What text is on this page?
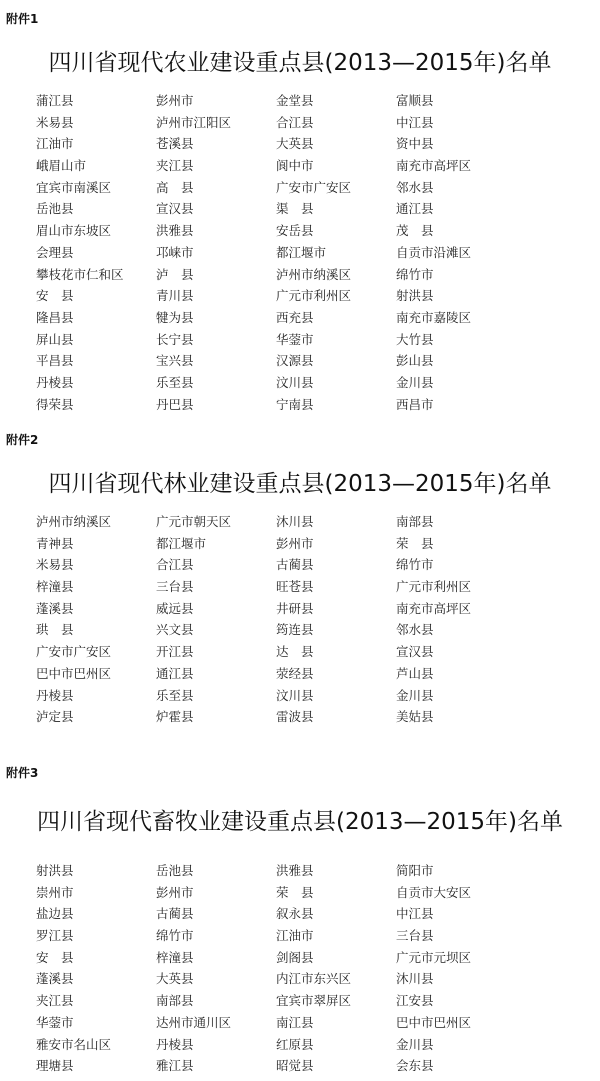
附件1
四川省现代农业建设重点县(2013—2015年)名单
蒲江县	彭州市	金堂县	富顺县
米易县	泸州市江阳区	合江县	中江县
江油市	苍溪县	大英县	资中县
峨眉山市	夹江县	阆中市	南充市高坪区
宜宾市南溪区	高　县	广安市广安区	邻水县
岳池县	宣汉县	渠　县	通江县
眉山市东坡区	洪雅县	安岳县	茂　县
会理县	邛崃市	都江堰市	自贡市沿滩区
攀枝花市仁和区	泸　县	泸州市纳溪区	绵竹市
安　县	青川县	广元市利州区	射洪县
隆昌县	犍为县	西充县	南充市嘉陵区
屏山县	长宁县	华蓥市	大竹县
平昌县	宝兴县	汉源县	彭山县
丹棱县	乐至县	汶川县	金川县
得荣县	丹巴县	宁南县	西昌市
附件2
四川省现代林业建设重点县(2013—2015年)名单
泸州市纳溪区	广元市朝天区	沐川县	南部县
青神县	都江堰市	彭州市	荣　县
米易县	合江县	古蔺县	绵竹市
梓潼县	三台县	旺苍县	广元市利州区
蓬溪县	威远县	井研县	南充市高坪区
珙　县	兴文县	筠连县	邻水县
广安市广安区	开江县	达　县	宣汉县
巴中市巴州区	通江县	荥经县	芦山县
丹棱县	乐至县	汶川县	金川县
泸定县	炉霍县	雷波县	美姑县
附件3
四川省现代畜牧业建设重点县(2013—2015年)名单
射洪县	岳池县	洪雅县	简阳市
崇州市	彭州市	荣　县	自贡市大安区
盐边县	古蔺县	叙永县	中江县
罗江县	绵竹市	江油市	三台县
安　县	梓潼县	剑阁县	广元市元坝区
蓬溪县	大英县	内江市东兴区	沐川县
夹江县	南部县	宜宾市翠屏区	江安县
华蓥市	达州市通川区	南江县	巴中市巴州区
雅安市名山区	丹棱县	红原县	金川县
理塘县	雅江县	昭觉县	会东县
